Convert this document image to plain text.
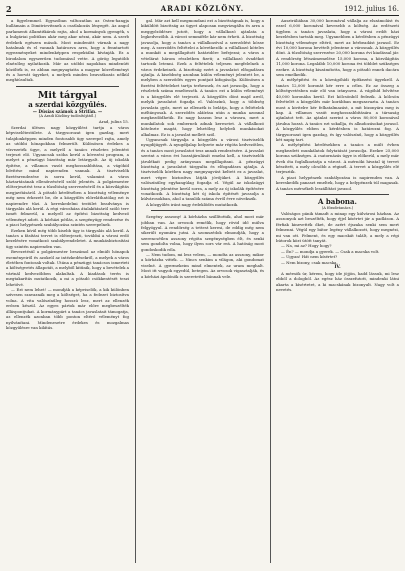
2	ARADI KÖZLÖNY.	1912. julius 16.

a figyelemmel. Egyszóban változatlan az Osten-hangja hullámain a Dimitrievitsnek a csatlakozás lényegét. Az angol parlamenti államtitkárok rajta, ahol a kormányok gyengék, s a bulgáriai politikus akár meg akar nézni, akár nem. A szerb érdekek egészen mások. Most mindenütt várnak a nagy hatalmak és el vannak határozva arra, hogy a fenntartott egyezményeket mindenképpen respektálni kívánják. Ez a birodalom egyszerűen tudomásul vette. A görög legutóbb elnézőleg nyilatkozik. Már az utóbbi napokban mindenütt közölték is, ez abban megnyugtatta a magyar közvéleményt és a horvát ügyeket, a melyek minden beavatkozás nélkül meghiúsultak.

Mit tárgyal

a szerdai közgyűlés.

— Dúsías számok a Strifán. —

(A Aradi Közlöny tudósítójától.)

Arad, julius 15.

Szerdai ülésen nagy közgyűlést tartja a város képviselőtestülete. A tárgysorozat igen gazdag, mert tulajdonképpen minden fontosabb ügy szerepel rajta, amely az utóbbi hónapokban felmerült. Különösen érdekes a vízvezeték ügye, a melyről a tanács részletes jelentést terjeszt elő. Ugyancsak szóba kerül a kövezési program, a melyet a pénzügyi bizottság már letárgyalt. Az új iskolák építése, a villamos vasút meghosszabbítása, a vágóhíd bővítése mind napirenden vannak. A tisztviselők fizetésrendezése is sorra kerül, valamint a város háztartásának ellenőrzéséről szóló jelentés. A polgármester előterjesztést tesz a tűzoltóság szervezéséről és a közvilágítás megjavításáról. A pótadó kérdésében a bizottság véleménye még nem érkezett be, de a közgyűlés előreláthatólag ezt is napirendre tűzi. A kereskedelmi testület beadványa is tárgyalás alá kerül. A régi városháza átalakításáról szóló terv ismét felmerül, a melyről az építési bizottság kedvező véleményt adott. A kórházi pótlás, a szegényügy rendezése és a piaci helypénzek szabályozása szintén szerepelnek.

Ezeken kívül még több kisebb ügy is tárgyalás alá kerül. A tanács a fásítási tervet is előterjeszti, továbbá a városi erdő kezelésére vonatkozó szabályrendeletet. A munkásbiztosítási ügy szintén napirenden van.

Bevezetésül a polgármester beszámol az elmúlt hónapok eseményeiről és azokról az intézkedésekről, a melyek a város életében fontosak voltak. Utána a pénzügyi tanácsos ismerteti a költségvetés állapotát, a melyből kitűnik, hogy a bevételek a vártnál kedvezőbben alakultak. A kiadások terén is megtakarítás mutatkozik, a mi a pótadó csökkentését teszi lehetővé.

— Ezt nem lehet! — mondják a képviselők, a kik különben szívesen szavaznák meg a költséget, ha a fedezet biztosítva volna. A vita valószínűleg hosszú lesz, mert az ellenzék erősen készül. Az egyes pártok már előre megbeszélték álláspontjukat. A kormánypárt a tanács javaslatait támogatja, az ellenzék azonban több ponton eltérő véleményt fog nyilvánítani. Mindenesetre érdekes és mozgalmas közgyűlésre van kilátás.

gal. Már azt kell megmondani ezt a bizottságnak is, hogy a kiküldött bizottság az ügyet alaposan megvizsgálta és arra a meggyőződésre jutott, hogy a vállalkozó ajánlata a legkedvezőbb. A várost semmiféle kár nem érheti. A bizottság javasolja, hogy a tanács a vállalkozóval a szerződést kösse meg. A szerződés feltételei a következők: a vállalkozó köteles a munkát a megállapított határidőre befejezni; a város a vételárat három részletben fizeti; a vállalkozó óvadékot tartozik letenni. Ezek a feltételek teljesen megfelelnek a város érdekeinek. A bizottság ezért a javaslatot elfogadásra ajánlja. A kisebbség azonban külön véleményt jelentett be, a melyben a szerződés egyes pontjait kifogásolja. Különösen a fizetési feltételeket tartja terhesnek, és azt javasolja, hogy a részletek száma emeltessék. A tanács ezt a külön véleményt is a közgyűlés elé terjeszti. A közgyűlés dönt majd arról, melyik javaslatot fogadja el. Valószínű, hogy a többség javaslata győz, mert az ellenzék is belátja, hogy a feltételek méltányosak. A szerződés aláírása után a munka azonnal megkezdődhetik. Ez nagy haszon lesz a városra, mert a munkálatok sok embernek adnak keresetet. A vállalkozó kötelezte magát, hogy lehetőleg helybeli munkásokat alkalmaz. Ez is a javaslat mellett szól.

Ugyancsak tárgyalja a közgyűlés a városi tisztviselők nyugdíjügyét. A nyugdíjalap helyzete már régóta kedvezőtlen, és a tanács most javaslatot tesz annak rendezésére. A javaslat szerint a város évi hozzájárulását emelni kell, a tisztviselők járulékait pedig arányosan megállapítani. A pénzügyi bizottság a javaslatot tárgyalta és elfogadásra ajánlja. A tisztviselők körében nagy megnyugvást keltett ez a javaslat, mert végre biztosítva látják jövőjüket. A közgyűlés valószínűleg egyhangúlag fogadja el. Végül az iskolaügyi bizottság jelentése kerül sorra, a mely az új iskolák építésére vonatkozik. A bizottság két új iskola építését javasolja a külvárosokban, ahol a tanulók száma évről évre növekszik.

A közgyűlés iránt nagy érdeklődés mutatkozik.

Szegény asszony! A kórházba szállították, ahol most már jobban van. Az orvosok remélik, hogy rövid idő múlva felgyógyul. A rendőrség a tettest keresi, de eddig még nem sikerült nyomára jutni. A szomszédok elmondják, hogy a szerencsétlen asszony régóta szegénységben élt, és senki sem gondolta volna, hogy ilyen sors vár reá. A hatóság most gondoskodik róla.

— Nem tudom, mi lesz velem, — mondta az asszony, mikor a kórházba vitték. — Nincs senkim a világon, aki gondomat viselné. A gyermekeim mind elmentek, az uram meghalt. Most itt vagyok egyedül, betegen. Az orvosok vigasztalják, és a kórházi ápolónők is szeretettel bánnak vele.

Ausztráliában 30,000 koronával vállalja az elszámolást és ezzel 6,000 koronával kevesebb a költség. Az erdészeti ügyben a tanács javaslata, hogy a városi erdőt házi kezelésben tartsák meg. Ugyanebben a kérdésben a pénzügyi bizottság véleménye eltérő, mert az bérbeadást javasol. Ez évi 10,000 korona bevételt jelentene a városnak. A közgyűlés dönt. A tűzoltóság szervezése 20,000 korona évi kiadással jár. A rendőrség létszámemelése 15,000 korona, a közvilágítás 11,000 korona. Legalább 10,000 korona évi többlet szükséges ezekre. A bizottság kiszámította, hogy a pótadó ennek dacára sem emelkedik.

A mélyépítési és a közvágóhídi építkezési ügyekről. A tanács 12,000 koronát kér erre a célra. Ez az összeg a költségvetésben már elő van irányozva. A vágóhíd bővítése 40,000 koronába kerül. Ezt kölcsönből fedezik. A kölcsön felvételét a közgyűlés már korábban megszavazta. A tanács most a kivitelre kér felhatalmazást, a mit bizonyára meg is kap. A villamos vasút meghosszabbítására a társaság ajánlatot tett. Az ajánlat szerint a város 80,000 koronával járulna hozzá. A tanács ezt sokallja, és alkudozásokat javasol. A közgyűlés ebben a kérdésben is határozni fog. A tárgysorozat igen gazdag, és így valószínű, hogy a közgyűlés két napig tart.

A mélyépítési kérdésekben a tanács a múlt évben megkezdett munkálatok folytatását javasolja. Ezekre 25,000 korona szükséges. A csatornázás ügye is előkerül, a mely már évek óta foglalkoztatja a várost. A mérnöki hivatal új tervet készített, a mely olcsóbb a réginél. A tervet a közgyűlés elé terjesztik.

A piaci helypénzek szabályozása is napirenden van. A kereskedők panaszt emeltek, hogy a helypénzek túl magasak. A tanács mérsékelt leszállítást javasol.

A babona.

(A főzsdetanács.)

Valóságos pánik támadt a minap egy külvárosi házban. Az asszonyok azt beszélték, hogy éjjel kísértet jár a padláson. A férfiak kinevették őket, de azért éjszaka senki sem mert felmenni. Végül egy bátor legény vállalkozott, hogy megnézi, mi van ott. Felment, és egy macskát talált, a mely a régi bútorok közt ütött tanyát.

— Na, mi az? Hogy hogy?

— Én? — mondja a gyerek. — Csak a macska volt.

— Ugyan! Hát nem kísértet?

— Nem bizony, csak macska.

IV.

A mérnök úr, kérem, hogy ide jöjjön, hadd lássuk, mi lesz ebből a dologból. Az egész ház összefutott, mindenki látni akarta a kísértetet, a ki macskának bizonyult. Nagy volt a nevetés.
